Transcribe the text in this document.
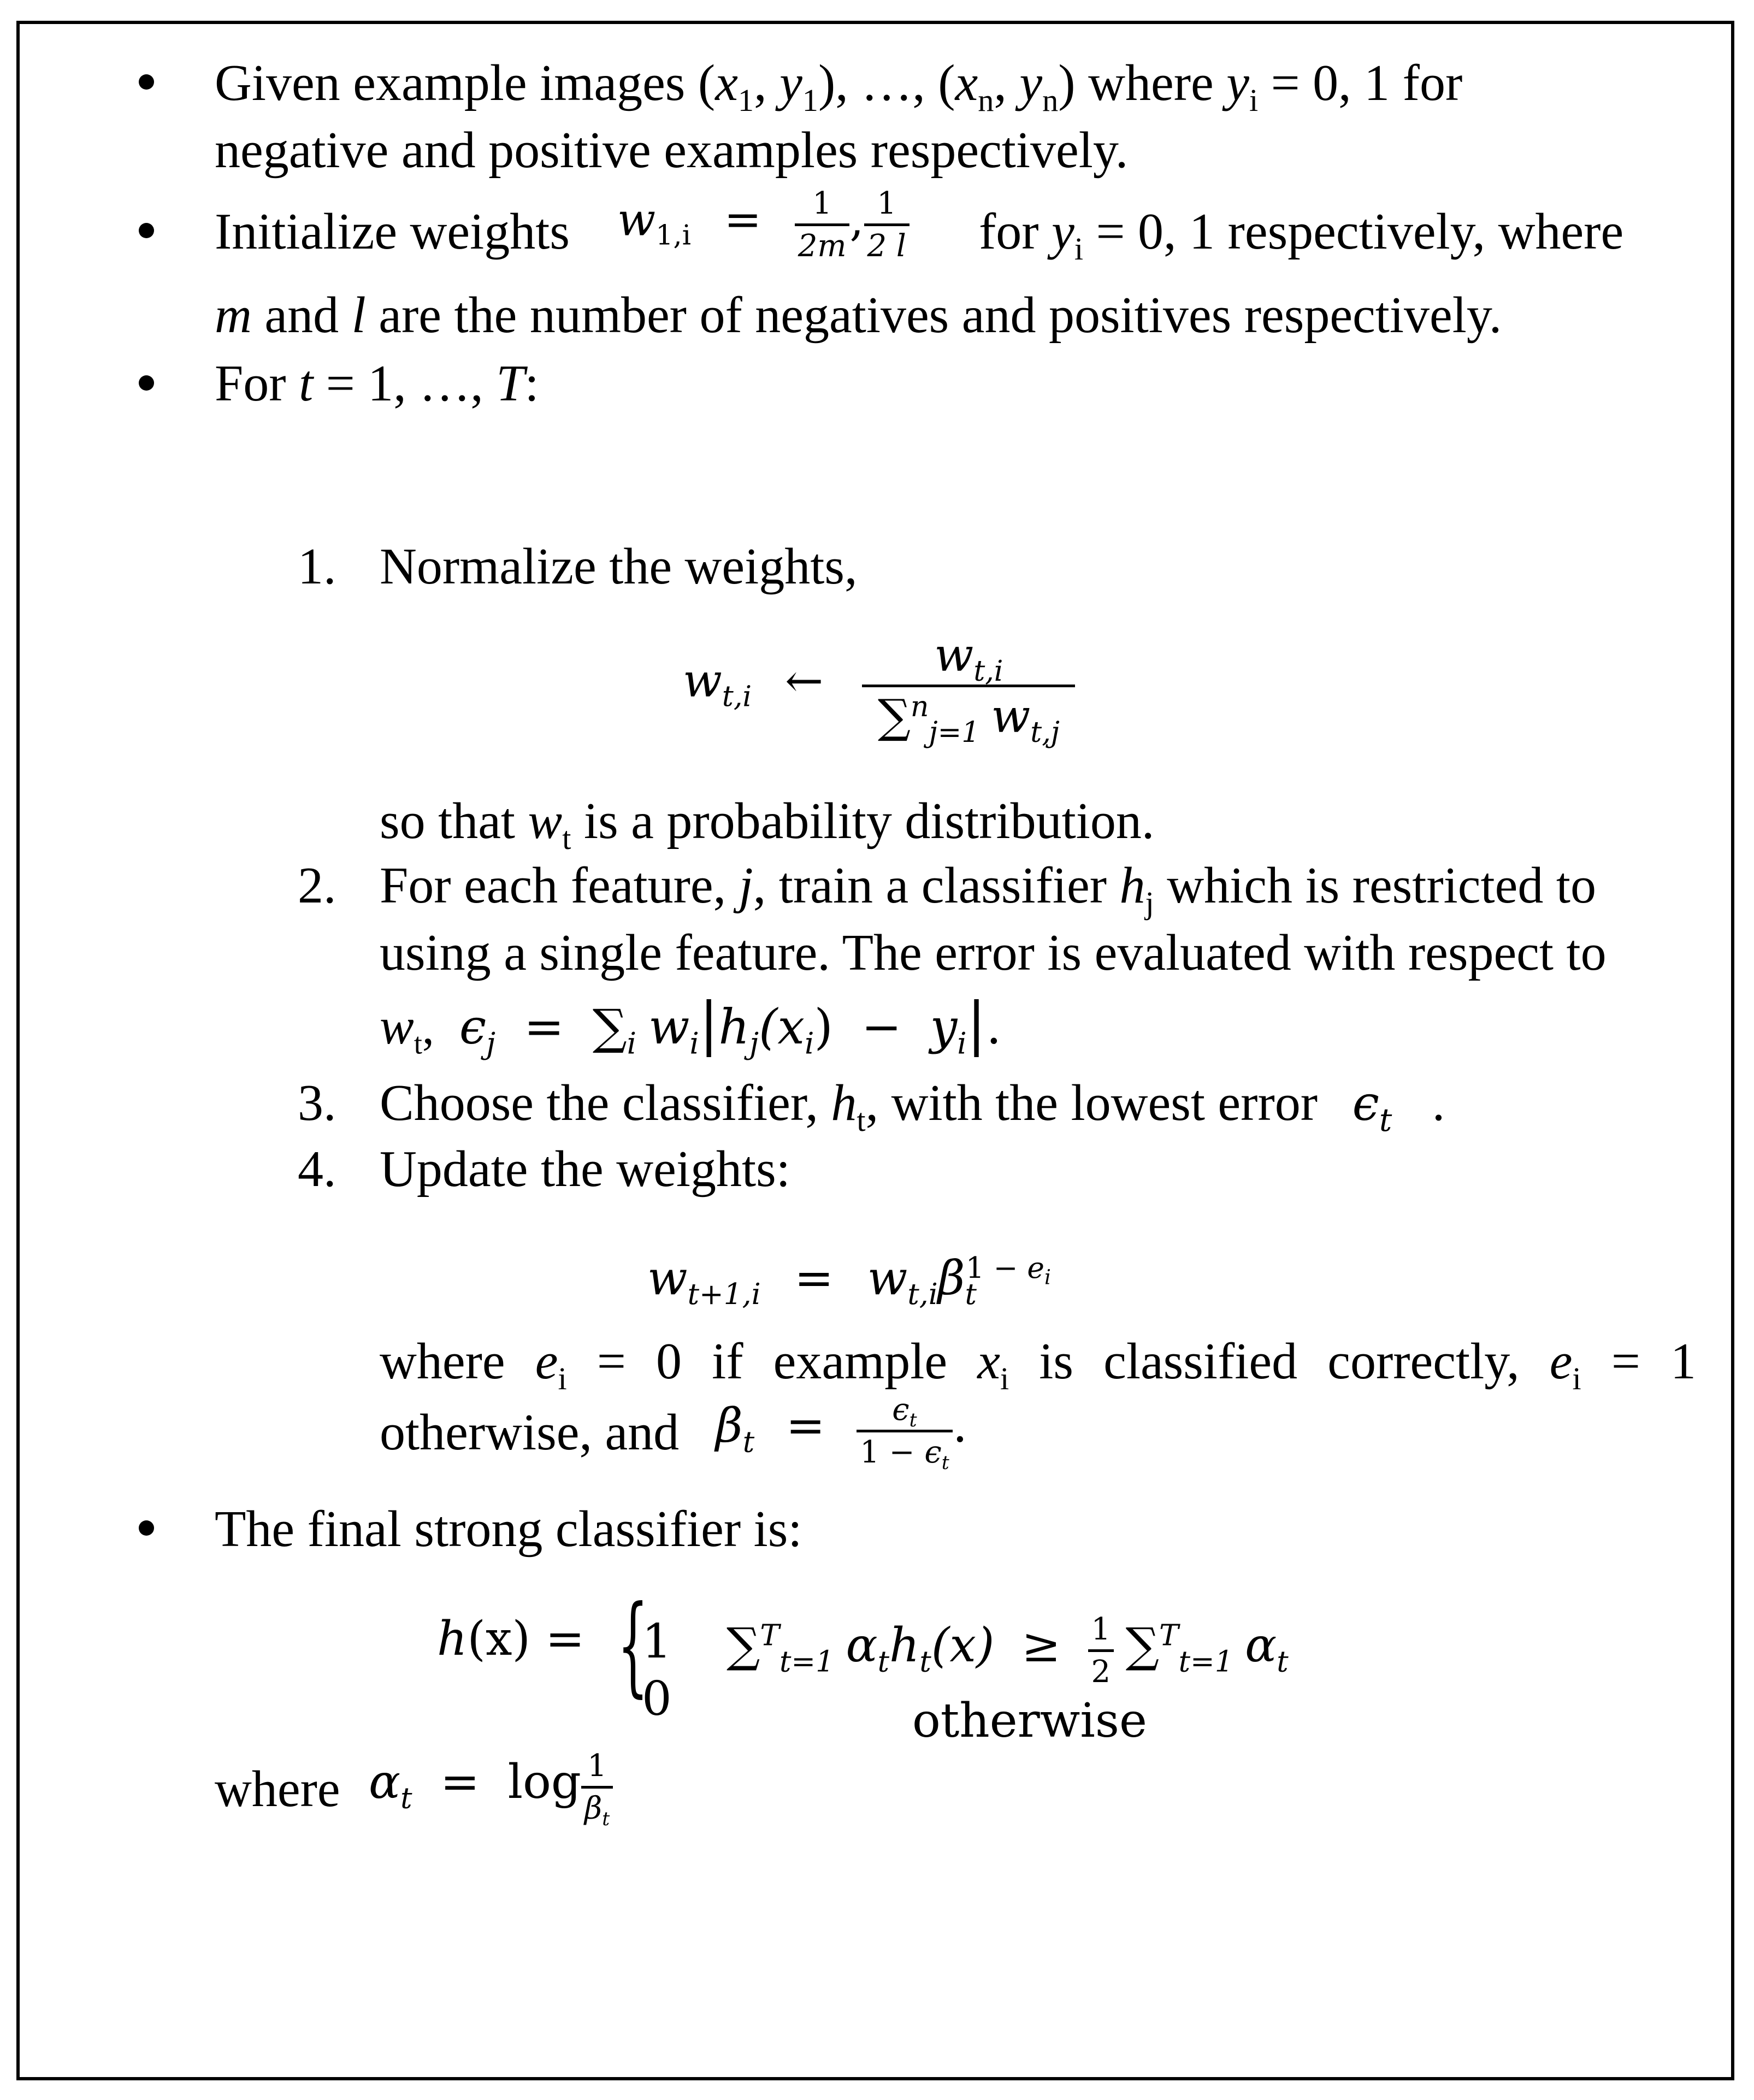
Given example images ($x_1$, $y_1$), …, ($x_n$, $y_n$) where $y_i = 0$, 1 for
negative and positive examples respectively.
Initialize weights $w_{1,i}$ =	1
2m
, 1
2 l for $y_i = 0$, 1 respectively, where
m and l are the number of negatives and positives respectively.
For t = 1, …, T:
1. Normalize the weights,
$w_{t,i}$ ←	$w_{t,i}$
∑$^n_{j=1}$ $w_{t,j}$
so that $w_t$ is a probability distribution.
2. For each feature, j, train a classifier $h_j$ which is restricted to
using a single feature. The error is evaluated with respect to
$w_t$, $\epsilon_j = \sum_i$ $w_i|h_j(x_i) - y_i|$.
3. Choose the classifier, $h_t$, with the lowest error $\epsilon_t$ .
4. Update the weights:
$w_{t+1,i} = w_{t,i}\beta_t^{1 - e_i}$
where $e_i = 0$ if example $x_i$ is classified correctly, $e_i = 1$
otherwise, and $\beta_t$ =	$\epsilon_t$
$1 - \epsilon_t$
.
The final strong classifier is:
h(x) = {
1
0
∑$^T_{t=1}$ $\alpha_th_t(x) \ge 1$
2 ∑$^T_{t=1}$ $\alpha_t$
otherwise
where $\alpha_t = \log 1$
$\beta_t$
